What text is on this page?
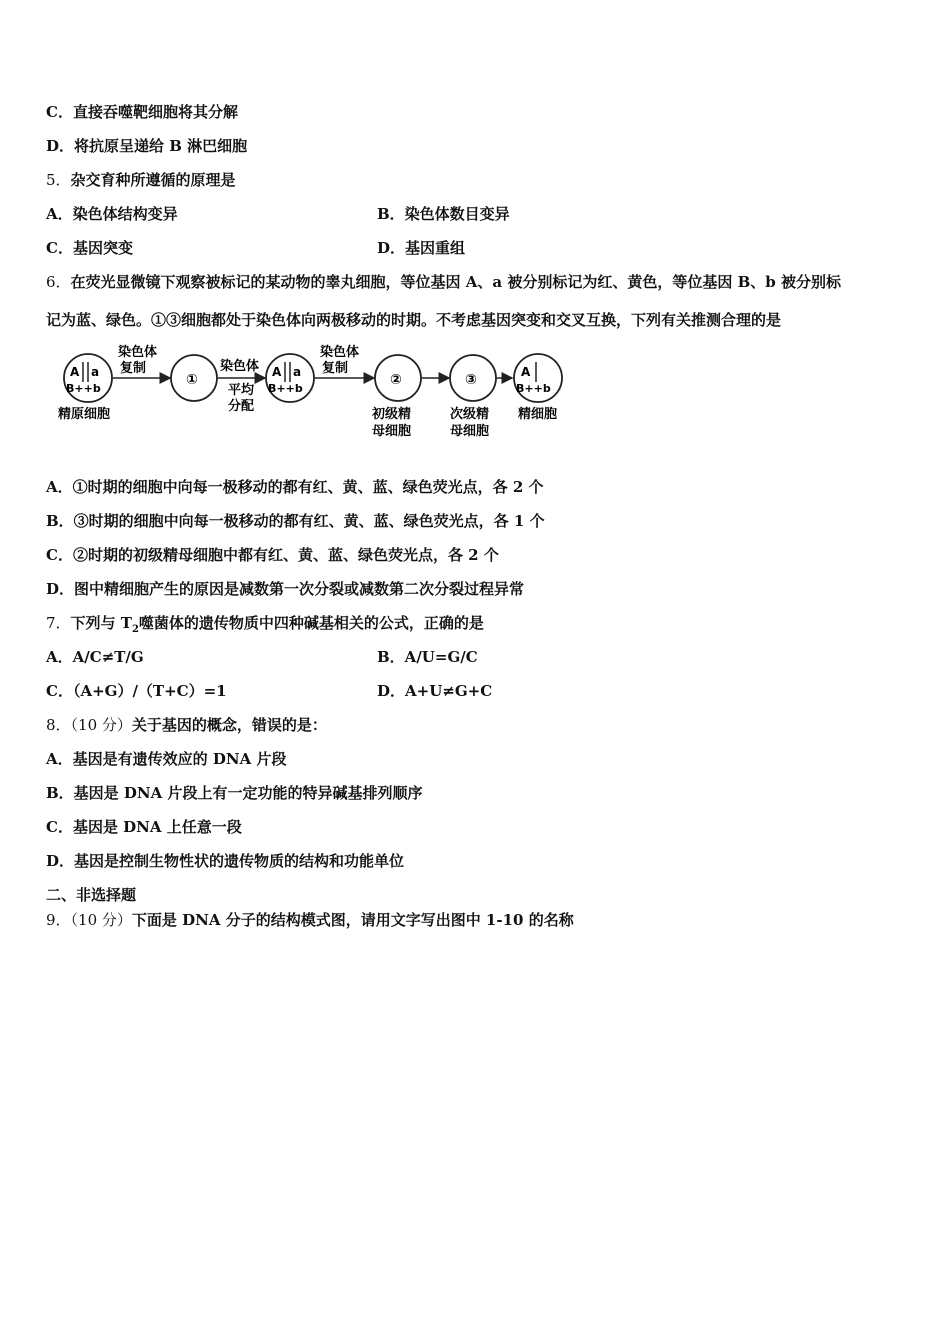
C．直接吞噬靶细胞将其分解
D．将抗原呈递给 B 淋巴细胞
5．杂交育种所遵循的原理是
A．染色体结构变异	B．染色体数目变异
C．基因突变	D．基因重组
6．在荧光显微镜下观察被标记的某动物的睾丸细胞，等位基因 A、a 被分别标记为红、黄色，等位基因 B、b 被分别标
记为蓝、绿色。①③细胞都处于染色体向两极移动的时期。不考虑基因突变和交叉互换，下列有关推测合理的是
A a
B++b
精原细胞
染色体
复制
①
染色体
平均
分配
A a
B++b
染色体
复制
②
初级精
母细胞
③
次级精
母细胞
A
B++b
精细胞
A．①时期的细胞中向每一极移动的都有红、黄、蓝、绿色荧光点，各 2 个
B．③时期的细胞中向每一极移动的都有红、黄、蓝、绿色荧光点，各 1 个
C．②时期的初级精母细胞中都有红、黄、蓝、绿色荧光点，各 2 个
D．图中精细胞产生的原因是减数第一次分裂或减数第二次分裂过程异常
7．下列与 $T_2$噬菌体的遗传物质中四种碱基相关的公式，正确的是
A．A/C≠T/G	B．A/U=G/C
C．（A+G）/（T+C）=1	D．A+U≠G+C
8．（10 分）关于基因的概念，错误的是：
A．基因是有遗传效应的 DNA 片段
B．基因是 DNA 片段上有一定功能的特异碱基排列顺序
C．基因是 DNA 上任意一段
D．基因是控制生物性状的遗传物质的结构和功能单位
二、非选择题
9．（10 分）下面是 DNA 分子的结构模式图，请用文字写出图中 1-10 的名称
